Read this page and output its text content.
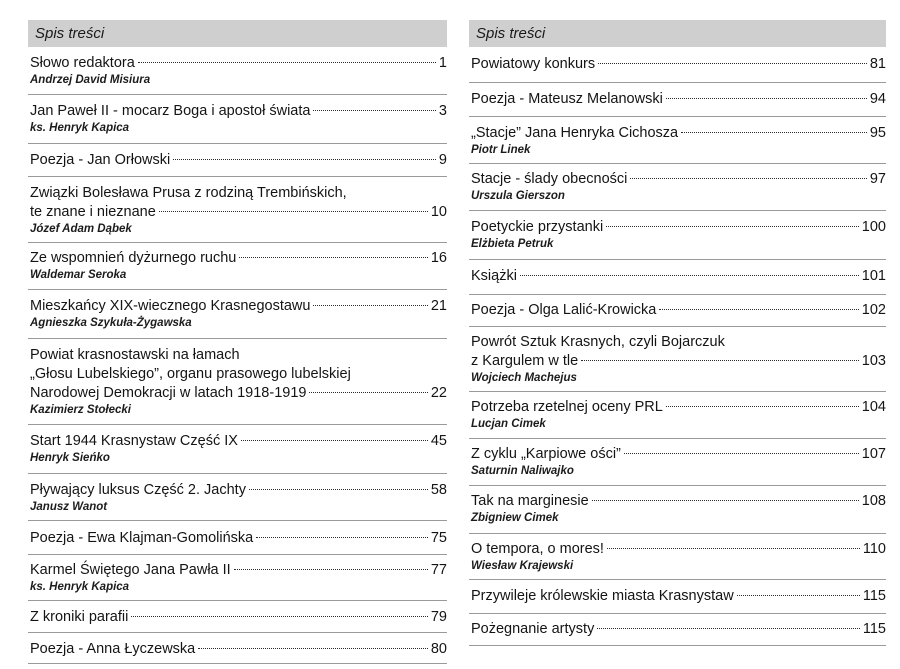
Spis treści
Słowo redaktora	1
Andrzej David Misiura
Jan Paweł II - mocarz Boga i apostoł świata	3
ks. Henryk Kapica
Poezja - Jan Orłowski	9
Związki Bolesława Prusa z rodziną Trembińskich,
te znane i nieznane	10
Józef Adam Dąbek
Ze wspomnień dyżurnego ruchu	16
Waldemar Seroka
Mieszkańcy XIX-wiecznego Krasnegostawu	21
Agnieszka Szykuła-Żygawska
Powiat krasnostawski na łamach
„Głosu Lubelskiego”, organu prasowego lubelskiej
Narodowej Demokracji w latach 1918-1919	22
Kazimierz Stołecki
Start 1944 Krasnystaw Część IX	45
Henryk Sieńko
Pływający luksus Część 2. Jachty	58
Janusz Wanot
Poezja - Ewa Klajman-Gomolińska	75
Karmel Świętego Jana Pawła II	77
ks. Henryk Kapica
Z kroniki parafii	79
Poezja - Anna Łyczewska	80
Spis treści
Powiatowy konkurs	81
Poezja - Mateusz Melanowski	94
„Stacje” Jana Henryka Cichosza	95
Piotr Linek
Stacje - ślady obecności	97
Urszula Gierszon
Poetyckie przystanki	100
Elżbieta Petruk
Książki	101
Poezja - Olga Lalić-Krowicka	102
Powrót Sztuk Krasnych, czyli Bojarczuk
z Kargulem w tle	103
Wojciech Machejus
Potrzeba rzetelnej oceny PRL	104
Lucjan Cimek
Z cyklu „Karpiowe ości”	107
Saturnin Naliwajko
Tak na marginesie	108
Zbigniew Cimek
O tempora, o mores!	110
Wiesław Krajewski
Przywileje królewskie miasta Krasnystaw	115
Pożegnanie artysty	115
